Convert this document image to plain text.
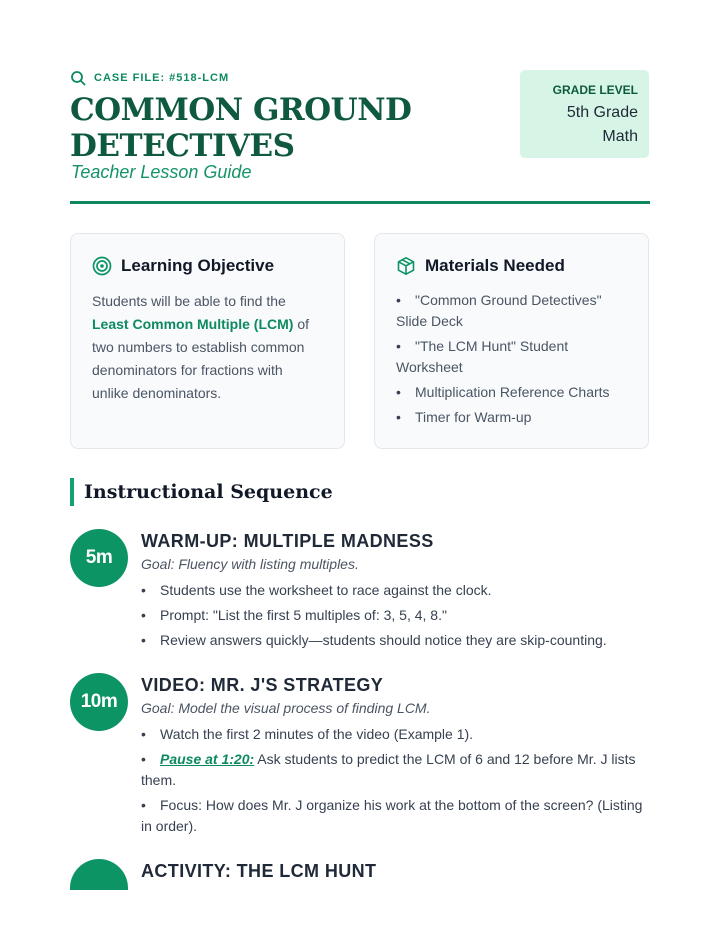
CASE FILE: #518-LCM
COMMON GROUND DETECTIVES
Teacher Lesson Guide
GRADE LEVEL
5th Grade
Math
Learning Objective
Students will be able to find the Least Common Multiple (LCM) of two numbers to establish common denominators for fractions with unlike denominators.
Materials Needed
• "Common Ground Detectives" Slide Deck
• "The LCM Hunt" Student Worksheet
• Multiplication Reference Charts
• Timer for Warm-up
Instructional Sequence
5m
WARM-UP: MULTIPLE MADNESS
Goal: Fluency with listing multiples.
• Students use the worksheet to race against the clock.
• Prompt: "List the first 5 multiples of: 3, 5, 4, 8."
• Review answers quickly—students should notice they are skip-counting.
10m
VIDEO: MR. J'S STRATEGY
Goal: Model the visual process of finding LCM.
• Watch the first 2 minutes of the video (Example 1).
• Pause at 1:20: Ask students to predict the LCM of 6 and 12 before Mr. J lists them.
• Focus: How does Mr. J organize his work at the bottom of the screen? (Listing in order).
ACTIVITY: THE LCM HUNT
